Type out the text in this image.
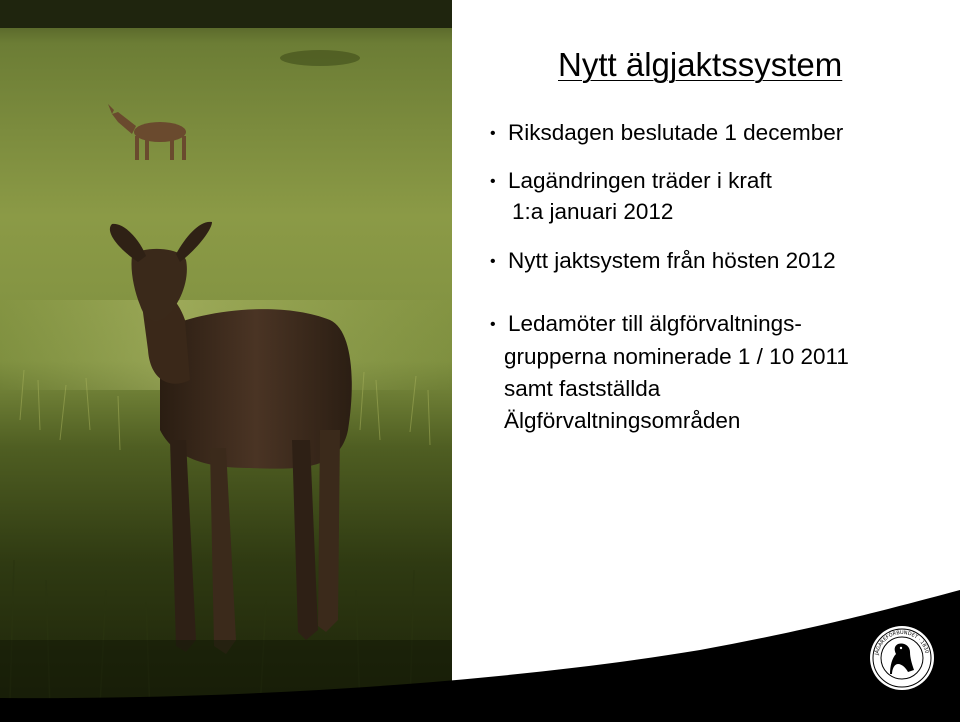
Nytt älgjaktssystem
• Riksdagen beslutade 1 december
• Lagändringen träder i kraft
1:a januari 2012
• Nytt jaktsystem från hösten 2012
• Ledamöter till älgförvaltnings-
grupperna nominerade 1 / 10 2011
samt fastställda
Älgförvaltningsområden
JÄGAREFÖRBUNDET · 1830
